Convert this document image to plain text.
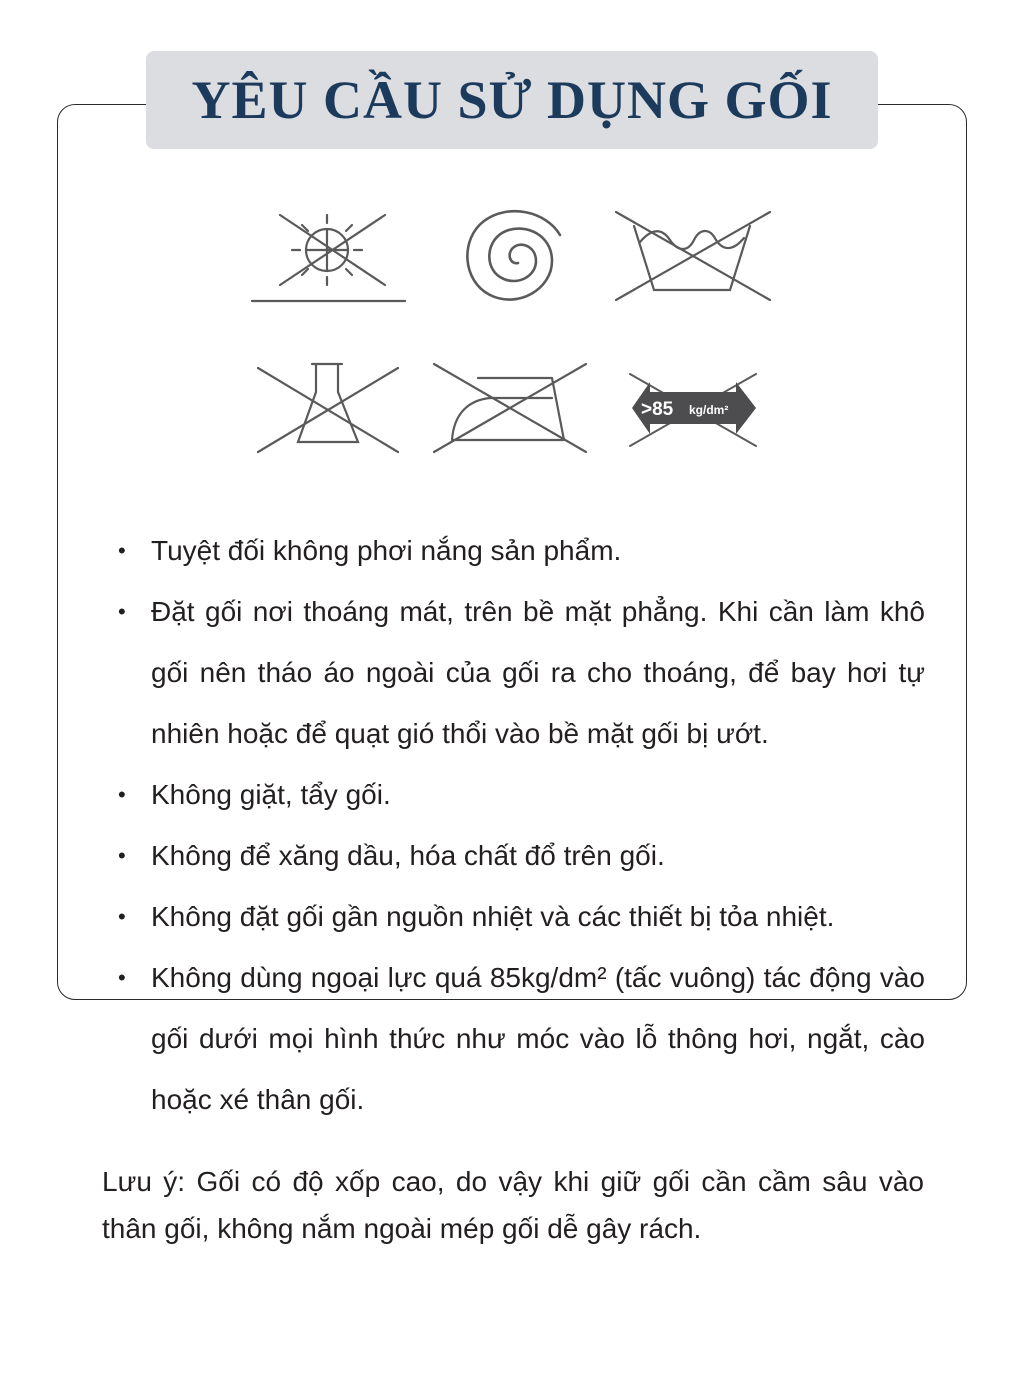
YÊU CẦU SỬ DỤNG GỐI
>85 kg/dm²
• Tuyệt đối không phơi nắng sản phẩm.
• Đặt gối nơi thoáng mát, trên bề mặt phẳng. Khi cần làm khô gối nên tháo áo ngoài của gối ra cho thoáng, để bay hơi tự nhiên hoặc để quạt gió thổi vào bề mặt gối bị ướt.
• Không giặt, tẩy gối.
• Không để xăng dầu, hóa chất đổ trên gối.
• Không đặt gối gần nguồn nhiệt và các thiết bị tỏa nhiệt.
• Không dùng ngoại lực quá 85kg/dm² (tấc vuông) tác động vào gối dưới mọi hình thức như móc vào lỗ thông hơi, ngắt, cào hoặc xé thân gối.
Lưu ý: Gối có độ xốp cao, do vậy khi giữ gối cần cầm sâu vào thân gối, không nắm ngoài mép gối dễ gây rách.
